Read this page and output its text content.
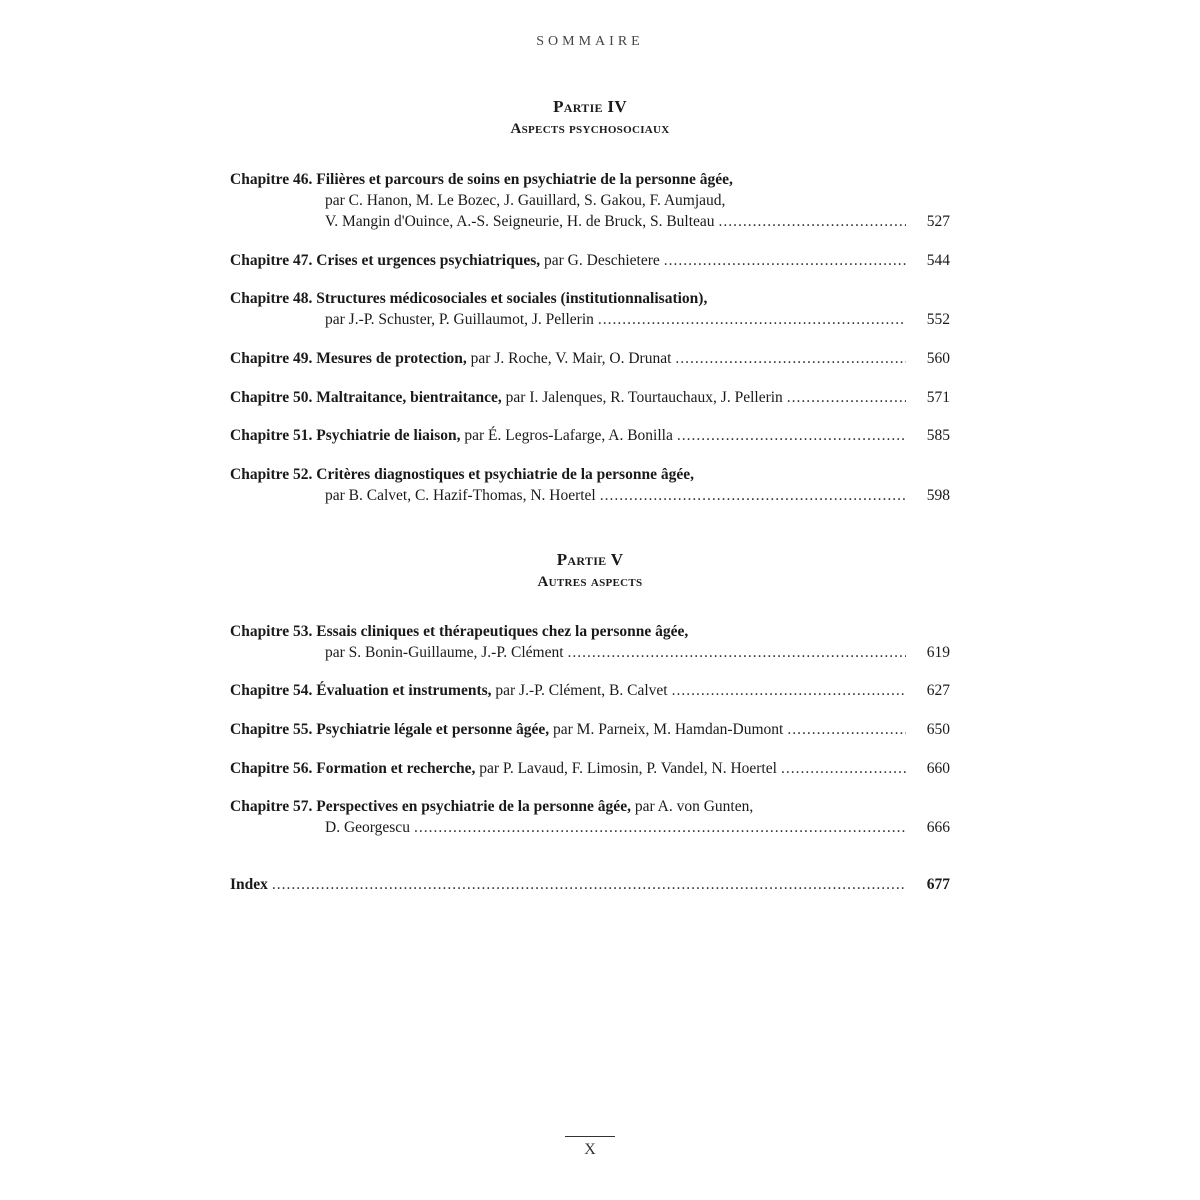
SOMMAIRE
Partie IV
Aspects psychosociaux
Chapitre 46. Filières et parcours de soins en psychiatrie de la personne âgée,
par C. Hanon, M. Le Bozec, J. Gauillard, S. Gakou, F. Aumjaud,
V. Mangin d'Ouince, A.-S. Seigneurie, H. de Bruck, S. Bulteau .....	527
Chapitre 47. Crises et urgences psychiatriques, par G. Deschietere .....	544
Chapitre 48. Structures médicosociales et sociales (institutionnalisation),
par J.-P. Schuster, P. Guillaumot, J. Pellerin .....	552
Chapitre 49. Mesures de protection, par J. Roche, V. Mair, O. Drunat .....	560
Chapitre 50. Maltraitance, bientraitance, par I. Jalenques, R. Tourtauchaux, J. Pellerin .....	571
Chapitre 51. Psychiatrie de liaison, par É. Legros-Lafarge, A. Bonilla .....	585
Chapitre 52. Critères diagnostiques et psychiatrie de la personne âgée,
par B. Calvet, C. Hazif-Thomas, N. Hoertel .....	598
Partie V
Autres aspects
Chapitre 53. Essais cliniques et thérapeutiques chez la personne âgée,
par S. Bonin-Guillaume, J.-P. Clément .....	619
Chapitre 54. Évaluation et instruments, par J.-P. Clément, B. Calvet .....	627
Chapitre 55. Psychiatrie légale et personne âgée, par M. Parneix, M. Hamdan-Dumont .....	650
Chapitre 56. Formation et recherche, par P. Lavaud, F. Limosin, P. Vandel, N. Hoertel .....	660
Chapitre 57. Perspectives en psychiatrie de la personne âgée, par A. von Gunten,
D. Georgescu .....	666
Index .....	677
X
